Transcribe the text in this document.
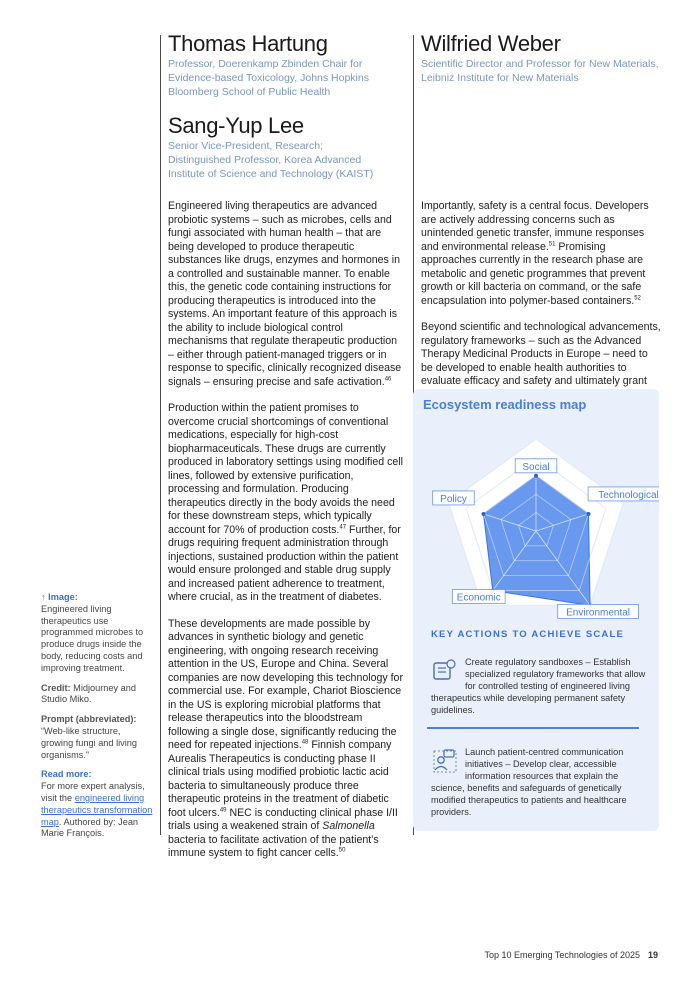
Thomas Hartung
Professor, Doerenkamp Zbinden Chair for Evidence-based Toxicology, Johns Hopkins Bloomberg School of Public Health
Wilfried Weber
Scientific Director and Professor for New Materials, Leibniz Institute for New Materials
Sang-Yup Lee
Senior Vice-President, Research; Distinguished Professor, Korea Advanced Institute of Science and Technology (KAIST)

Engineered living therapeutics are advanced probiotic systems – such as microbes, cells and fungi associated with human health – that are being developed to produce therapeutic substances like drugs, enzymes and hormones in a controlled and sustainable manner. To enable this, the genetic code containing instructions for producing therapeutics is introduced into the systems. An important feature of this approach is the ability to include biological control mechanisms that regulate therapeutic production – either through patient-managed triggers or in response to specific, clinically recognized disease signals – ensuring precise and safe activation.$^{46}$

Production within the patient promises to overcome crucial shortcomings of conventional medications, especially for high-cost biopharmaceuticals. These drugs are currently produced in laboratory settings using modified cell lines, followed by extensive purification, processing and formulation. Producing therapeutics directly in the body avoids the need for these downstream steps, which typically account for 70% of production costs.$^{47}$ Further, for drugs requiring frequent administration through injections, sustained production within the patient would ensure prolonged and stable drug supply and increased patient adherence to treatment, where crucial, as in the treatment of diabetes.

These developments are made possible by advances in synthetic biology and genetic engineering, with ongoing research receiving attention in the US, Europe and China. Several companies are now developing this technology for commercial use. For example, Chariot Bioscience in the US is exploring microbial platforms that release therapeutics into the bloodstream following a single dose, significantly reducing the need for repeated injections.$^{48}$ Finnish company Aurealis Therapeutics is conducting phase II clinical trials using modified probiotic lactic acid bacteria to simultaneously produce three therapeutic proteins in the treatment of diabetic foot ulcers.$^{49}$ NEC is conducting clinical phase I/II trials using a weakened strain of Salmonella bacteria to facilitate activation of the patient’s immune system to fight cancer cells.$^{50}$

Importantly, safety is a central focus. Developers are actively addressing concerns such as unintended genetic transfer, immune responses and environmental release.$^{51}$ Promising approaches currently in the research phase are metabolic and genetic programmes that prevent growth or kill bacteria on command, or the safe encapsulation into polymer-based containers.$^{52}$

Beyond scientific and technological advancements, regulatory frameworks – such as the Advanced Therapy Medicinal Products in Europe – need to be developed to enable health authorities to evaluate efficacy and safety and ultimately grant

↑ Image:
Engineered living therapeutics use programmed microbes to produce drugs inside the body, reducing costs and improving treatment.

Credit: Midjourney and Studio Miko.

Prompt (abbreviated):
“Web-like structure, growing fungi and living organisms.”

Read more:
For more expert analysis, visit the engineered living therapeutics transformation map. Authored by: Jean Marie François.

Ecosystem readiness map
Social
Technological
Environmental
Economic
Policy
KEY ACTIONS TO ACHIEVE SCALE
Create regulatory sandboxes – Establish specialized regulatory frameworks that allow for controlled testing of engineered living therapeutics while developing permanent safety guidelines.
Launch patient-centred communication initiatives – Develop clear, accessible information resources that explain the science, benefits and safeguards of genetically modified therapeutics to patients and healthcare providers.
Top 10 Emerging Technologies of 2025 19
